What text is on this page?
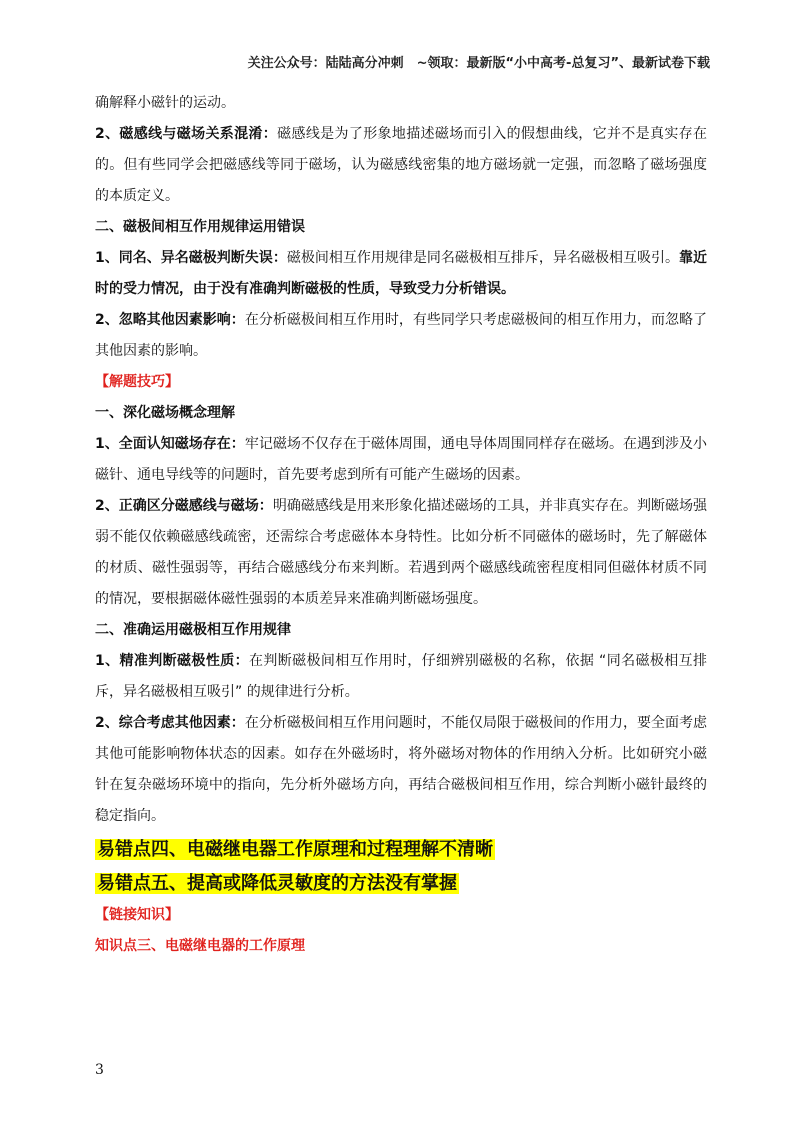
关注公众号：陆陆高分冲刺　~领取：最新版“小中高考-总复习”、最新试卷下载

确解释小磁针的运动。

2、磁感线与磁场关系混淆：磁感线是为了形象地描述磁场而引入的假想曲线，它并不是真实存在的。但有些同学会把磁感线等同于磁场，认为磁感线密集的地方磁场就一定强，而忽略了磁场强度的本质定义。

二、磁极间相互作用规律运用错误

1、同名、异名磁极判断失误：磁极间相互作用规律是同名磁极相互排斥，异名磁极相互吸引。靠近时的受力情况，由于没有准确判断磁极的性质，导致受力分析错误。

2、忽略其他因素影响：在分析磁极间相互作用时，有些同学只考虑磁极间的相互作用力，而忽略了其他因素的影响。

【解题技巧】
一、深化磁场概念理解

1、全面认知磁场存在：牢记磁场不仅存在于磁体周围，通电导体周围同样存在磁场。在遇到涉及小磁针、通电导线等的问题时，首先要考虑到所有可能产生磁场的因素。

2、正确区分磁感线与磁场：明确磁感线是用来形象化描述磁场的工具，并非真实存在。判断磁场强弱不能仅依赖磁感线疏密，还需综合考虑磁体本身特性。比如分析不同磁体的磁场时，先了解磁体的材质、磁性强弱等，再结合磁感线分布来判断。若遇到两个磁感线疏密程度相同但磁体材质不同的情况，要根据磁体磁性强弱的本质差异来准确判断磁场强度。

二、准确运用磁极相互作用规律

1、精准判断磁极性质：在判断磁极间相互作用时，仔细辨别磁极的名称，依据 “同名磁极相互排斥，异名磁极相互吸引” 的规律进行分析。

2、综合考虑其他因素：在分析磁极间相互作用问题时，不能仅局限于磁极间的作用力，要全面考虑其他可能影响物体状态的因素。如存在外磁场时，将外磁场对物体的作用纳入分析。比如研究小磁针在复杂磁场环境中的指向，先分析外磁场方向，再结合磁极间相互作用，综合判断小磁针最终的稳定指向。

易错点四、电磁继电器工作原理和过程理解不清晰
易错点五、提高或降低灵敏度的方法没有掌握
【链接知识】
知识点三、电磁继电器的工作原理
3
